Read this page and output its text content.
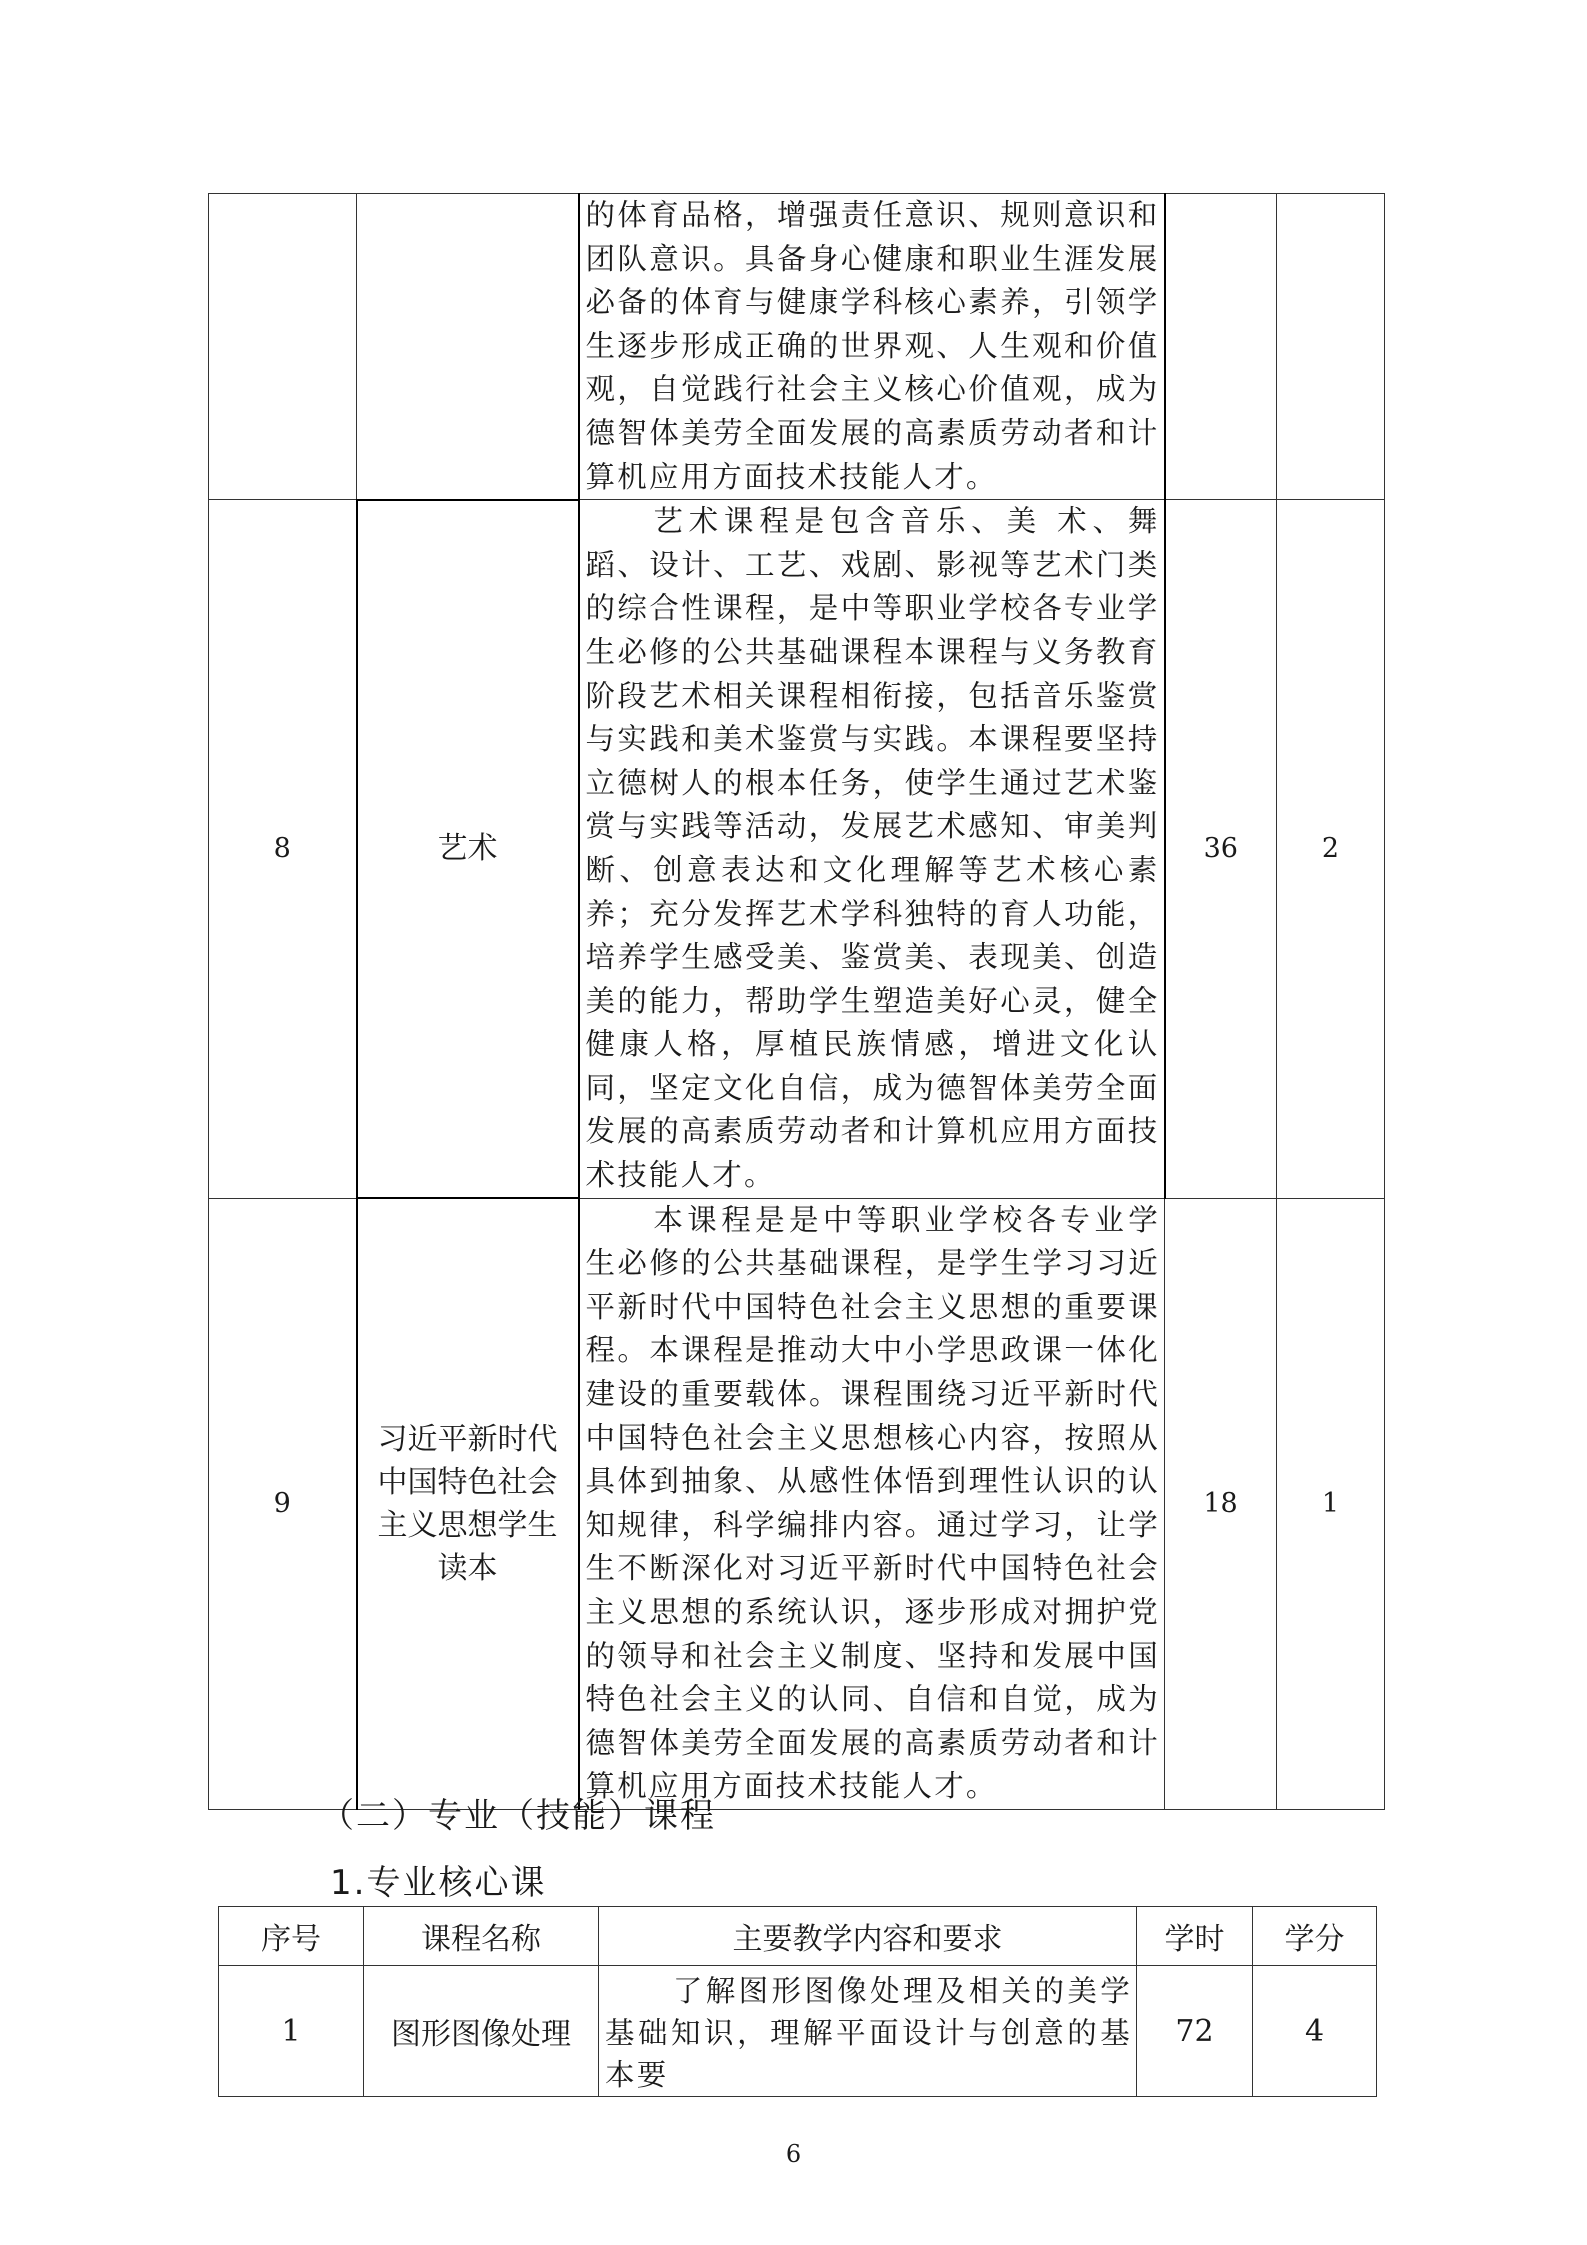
		的体育品格，增强责任意识、规则意识和团队意识。具备身心健康和职业生涯发展必备的体育与健康学科核心素养，引领学生逐步形成正确的世界观、人生观和价值观，自觉践行社会主义核心价值观，成为德智体美劳全面发展的高素质劳动者和计算机应用方面技术技能人才。		

8	艺术	艺术课程是包含音乐、美 术、舞蹈、设计、工艺、戏剧、影视等艺术门类的综合性课程，是中等职业学校各专业学生必修的公共基础课程本课程与义务教育阶段艺术相关课程相衔接，包括音乐鉴赏与实践和美术鉴赏与实践。本课程要坚持立德树人的根本任务，使学生通过艺术鉴赏与实践等活动，发展艺术感知、审美判断、创意表达和文化理解等艺术核心素养；充分发挥艺术学科独特的育人功能，培养学生感受美、鉴赏美、表现美、创造美的能力，帮助学生塑造美好心灵，健全健康人格，厚植民族情感，增进文化认同，坚定文化自信，成为德智体美劳全面发展的高素质劳动者和计算机应用方面技术技能人才。	36	2
9	习近平新时代中国特色社会主义思想学生读本	本课程是是中等职业学校各专业学生必修的公共基础课程，是学生学习习近平新时代中国特色社会主义思想的重要课程。本课程是推动大中小学思政课一体化建设的重要载体。课程围绕习近平新时代中国特色社会主义思想核心内容，按照从具体到抽象、从感性体悟到理性认识的认知规律，科学编排内容。通过学习，让学生不断深化对习近平新时代中国特色社会主义思想的系统认识，逐步形成对拥护党的领导和社会主义制度、坚持和发展中国特色社会主义的认同、自信和自觉，成为德智体美劳全面发展的高素质劳动者和计算机应用方面技术技能人才。	18	1
（二）专业（技能）课程
1.专业核心课
序号	课程名称	主要教学内容和要求	学时	学分
1	图形图像处理	了解图形图像处理及相关的美学基础知识，理解平面设计与创意的基本要	72	4
6
